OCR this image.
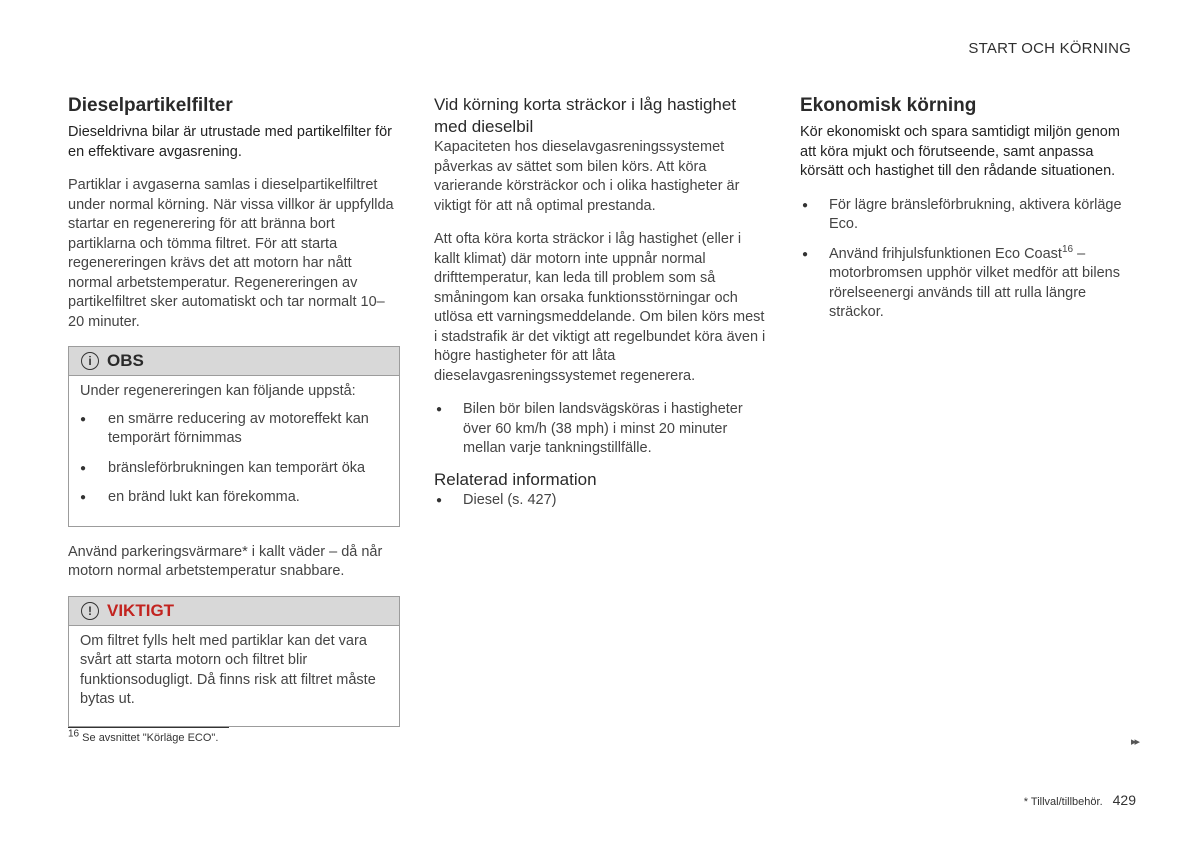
START OCH KÖRNING
Dieselpartikelfilter

Dieseldrivna bilar är utrustade med partikelfilter för en effektivare avgasrening.

Partiklar i avgaserna samlas i dieselpartikelfiltret under normal körning. När vissa villkor är uppfyllda startar en regenerering för att bränna bort partiklarna och tömma filtret. För att starta regenereringen krävs det att motorn har nått normal arbetstemperatur. Regenereringen av partikelfiltret sker automatiskt och tar normalt 10–20 minuter.

i OBS

Under regenereringen kan följande uppstå:

● en smärre reducering av motoreffekt kan temporärt förnimmas
● bränsleförbrukningen kan temporärt öka
● en bränd lukt kan förekomma.

Använd parkeringsvärmare* i kallt väder – då når motorn normal arbetstemperatur snabbare.

! VIKTIGT

Om filtret fylls helt med partiklar kan det vara svårt att starta motorn och filtret blir funktionsodugligt. Då finns risk att filtret måste bytas ut.

Vid körning korta sträckor i låg hastighet med dieselbil

Kapaciteten hos dieselavgasreningssystemet påverkas av sättet som bilen körs. Att köra varierande körsträckor och i olika hastigheter är viktigt för att nå optimal prestanda.

Att ofta köra korta sträckor i låg hastighet (eller i kallt klimat) där motorn inte uppnår normal drifttemperatur, kan leda till problem som så småningom kan orsaka funktionsstörningar och utlösa ett varningsmeddelande. Om bilen körs mest i stadstrafik är det viktigt att regelbundet köra även i högre hastigheter för att låta dieselavgasreningssystemet regenerera.

● Bilen bör bilen landsvägsköras i hastigheter över 60 km/h (38 mph) i minst 20 minuter mellan varje tankningstillfälle.
Relaterad information
● Diesel (s. 427)
Ekonomisk körning

Kör ekonomiskt och spara samtidigt miljön genom att köra mjukt och förutseende, samt anpassa körsätt och hastighet till den rådande situationen.

● För lägre bränsleförbrukning, aktivera körläge Eco.
● Använd frihjulsfunktionen Eco Coast$^{16}$ – motorbromsen upphör vilket medför att bilens rörelseenergi används till att rulla längre sträckor.
$^{16}$ Se avsnittet "Körläge ECO".	▸▸
* Tillval/tillbehör. 429
